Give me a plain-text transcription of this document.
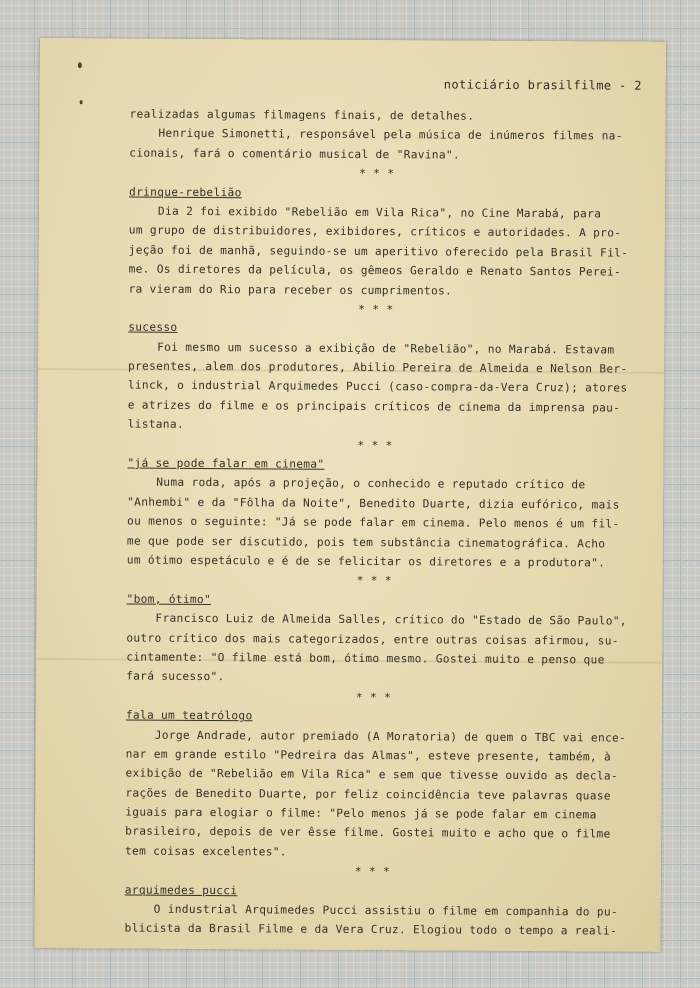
noticiário brasilfilme - 2
realizadas algumas filmagens finais, de detalhes.
Henrique Simonetti, responsável pela música de inúmeros filmes na-
cionais, fará o comentário musical de "Ravina".
* * *
drinque-rebelião
Dia 2 foi exibido "Rebelião em Vila Rica", no Cine Marabá, para
um grupo de distribuidores, exibidores, críticos e autoridades. A pro-
jeção foi de manhã, seguindo-se um aperitivo oferecido pela Brasil Fil-
me. Os diretores da película, os gêmeos Geraldo e Renato Santos Perei-
ra vieram do Rio para receber os cumprimentos.
* * *
sucesso
Foi mesmo um sucesso a exibição de "Rebelião", no Marabá. Estavam
presentes, alem dos produtores, Abilio Pereira de Almeida e Nelson Ber-
linck, o industrial Arquimedes Pucci (caso-compra-da-Vera Cruz); atores
e atrizes do filme e os principais críticos de cinema da imprensa pau-
listana.
* * *
"já se pode falar em cinema"
Numa roda, após a projeção, o conhecido e reputado crítico de
"Anhembi" e da "Fôlha da Noite", Benedito Duarte, dizia eufórico, mais
ou menos o seguinte: "Já se pode falar em cinema. Pelo menos é um fil-
me que pode ser discutido, pois tem substância cinematográfica. Acho
um ótimo espetáculo e é de se felicitar os diretores e a produtora".
* * *
"bom, ótimo"
Francisco Luiz de Almeida Salles, crítico do "Estado de São Paulo",
outro crítico dos mais categorizados, entre outras coisas afirmou, su-
cintamente: "O filme está bom, ótimo mesmo. Gostei muito e penso que
fará sucesso".
* * *
fala um teatrólogo
Jorge Andrade, autor premiado (A Moratoria) de quem o TBC vai ence-
nar em grande estilo "Pedreira das Almas", esteve presente, também, à
exibição de "Rebelião em Vila Rica" e sem que tivesse ouvido as decla-
rações de Benedito Duarte, por feliz coincidência teve palavras quase
iguais para elogiar o filme: "Pelo menos já se pode falar em cinema
brasileiro, depois de ver êsse filme. Gostei muito e acho que o filme
tem coisas excelentes".
* * *
arquimedes pucci
O industrial Arquimedes Pucci assistiu o filme em companhia do pu-
blicista da Brasil Filme e da Vera Cruz. Elogiou todo o tempo a reali-
